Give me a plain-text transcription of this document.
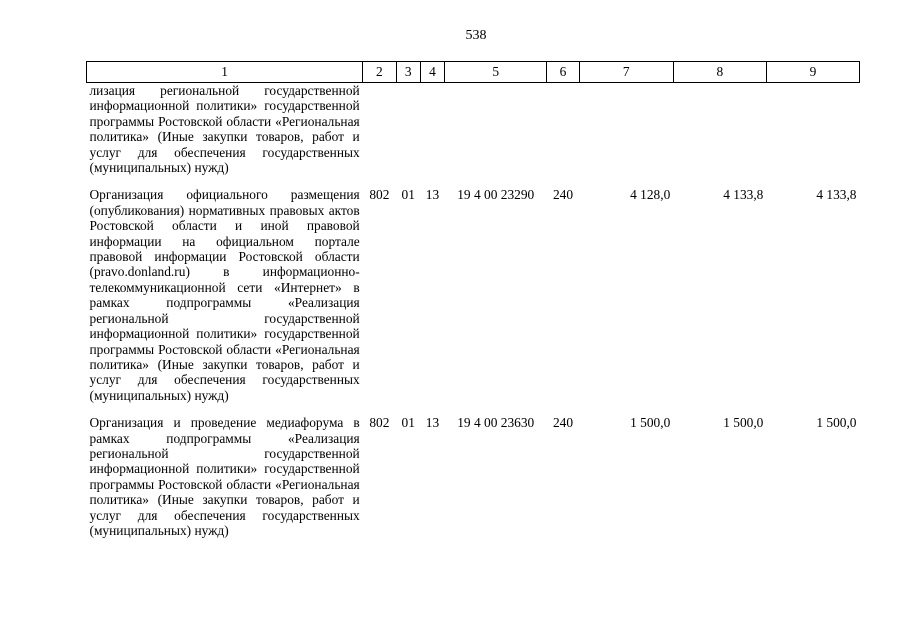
538
1	2	3	4	5	6	7	8	9
лизация региональной государственной информационной политики» государственной программы Ростовской области «Региональная политика» (Иные закупки товаров, работ и услуг для обеспечения государственных (муниципальных) нужд)								

Организация официального размещения (опубликования) нормативных правовых актов Ростовской области и иной правовой информации на официальном портале правовой информации Ростовской области (pravo.donland.ru) в информационно-телекоммуникационной сети «Интернет» в рамках подпрограммы «Реализация региональной государственной информационной политики» государственной программы Ростовской области «Региональная политика» (Иные закупки товаров, работ и услуг для обеспечения государственных (муниципальных) нужд)	802	01	13	19 4 00 23290	240	4 128,0	4 133,8	4 133,8

Организация и проведение медиафорума в рамках подпрограммы «Реализация региональной государственной информационной политики» государственной программы Ростовской области «Региональная политика» (Иные закупки товаров, работ и услуг для обеспечения государственных (муниципальных) нужд)	802	01	13	19 4 00 23630	240	1 500,0	1 500,0	1 500,0
